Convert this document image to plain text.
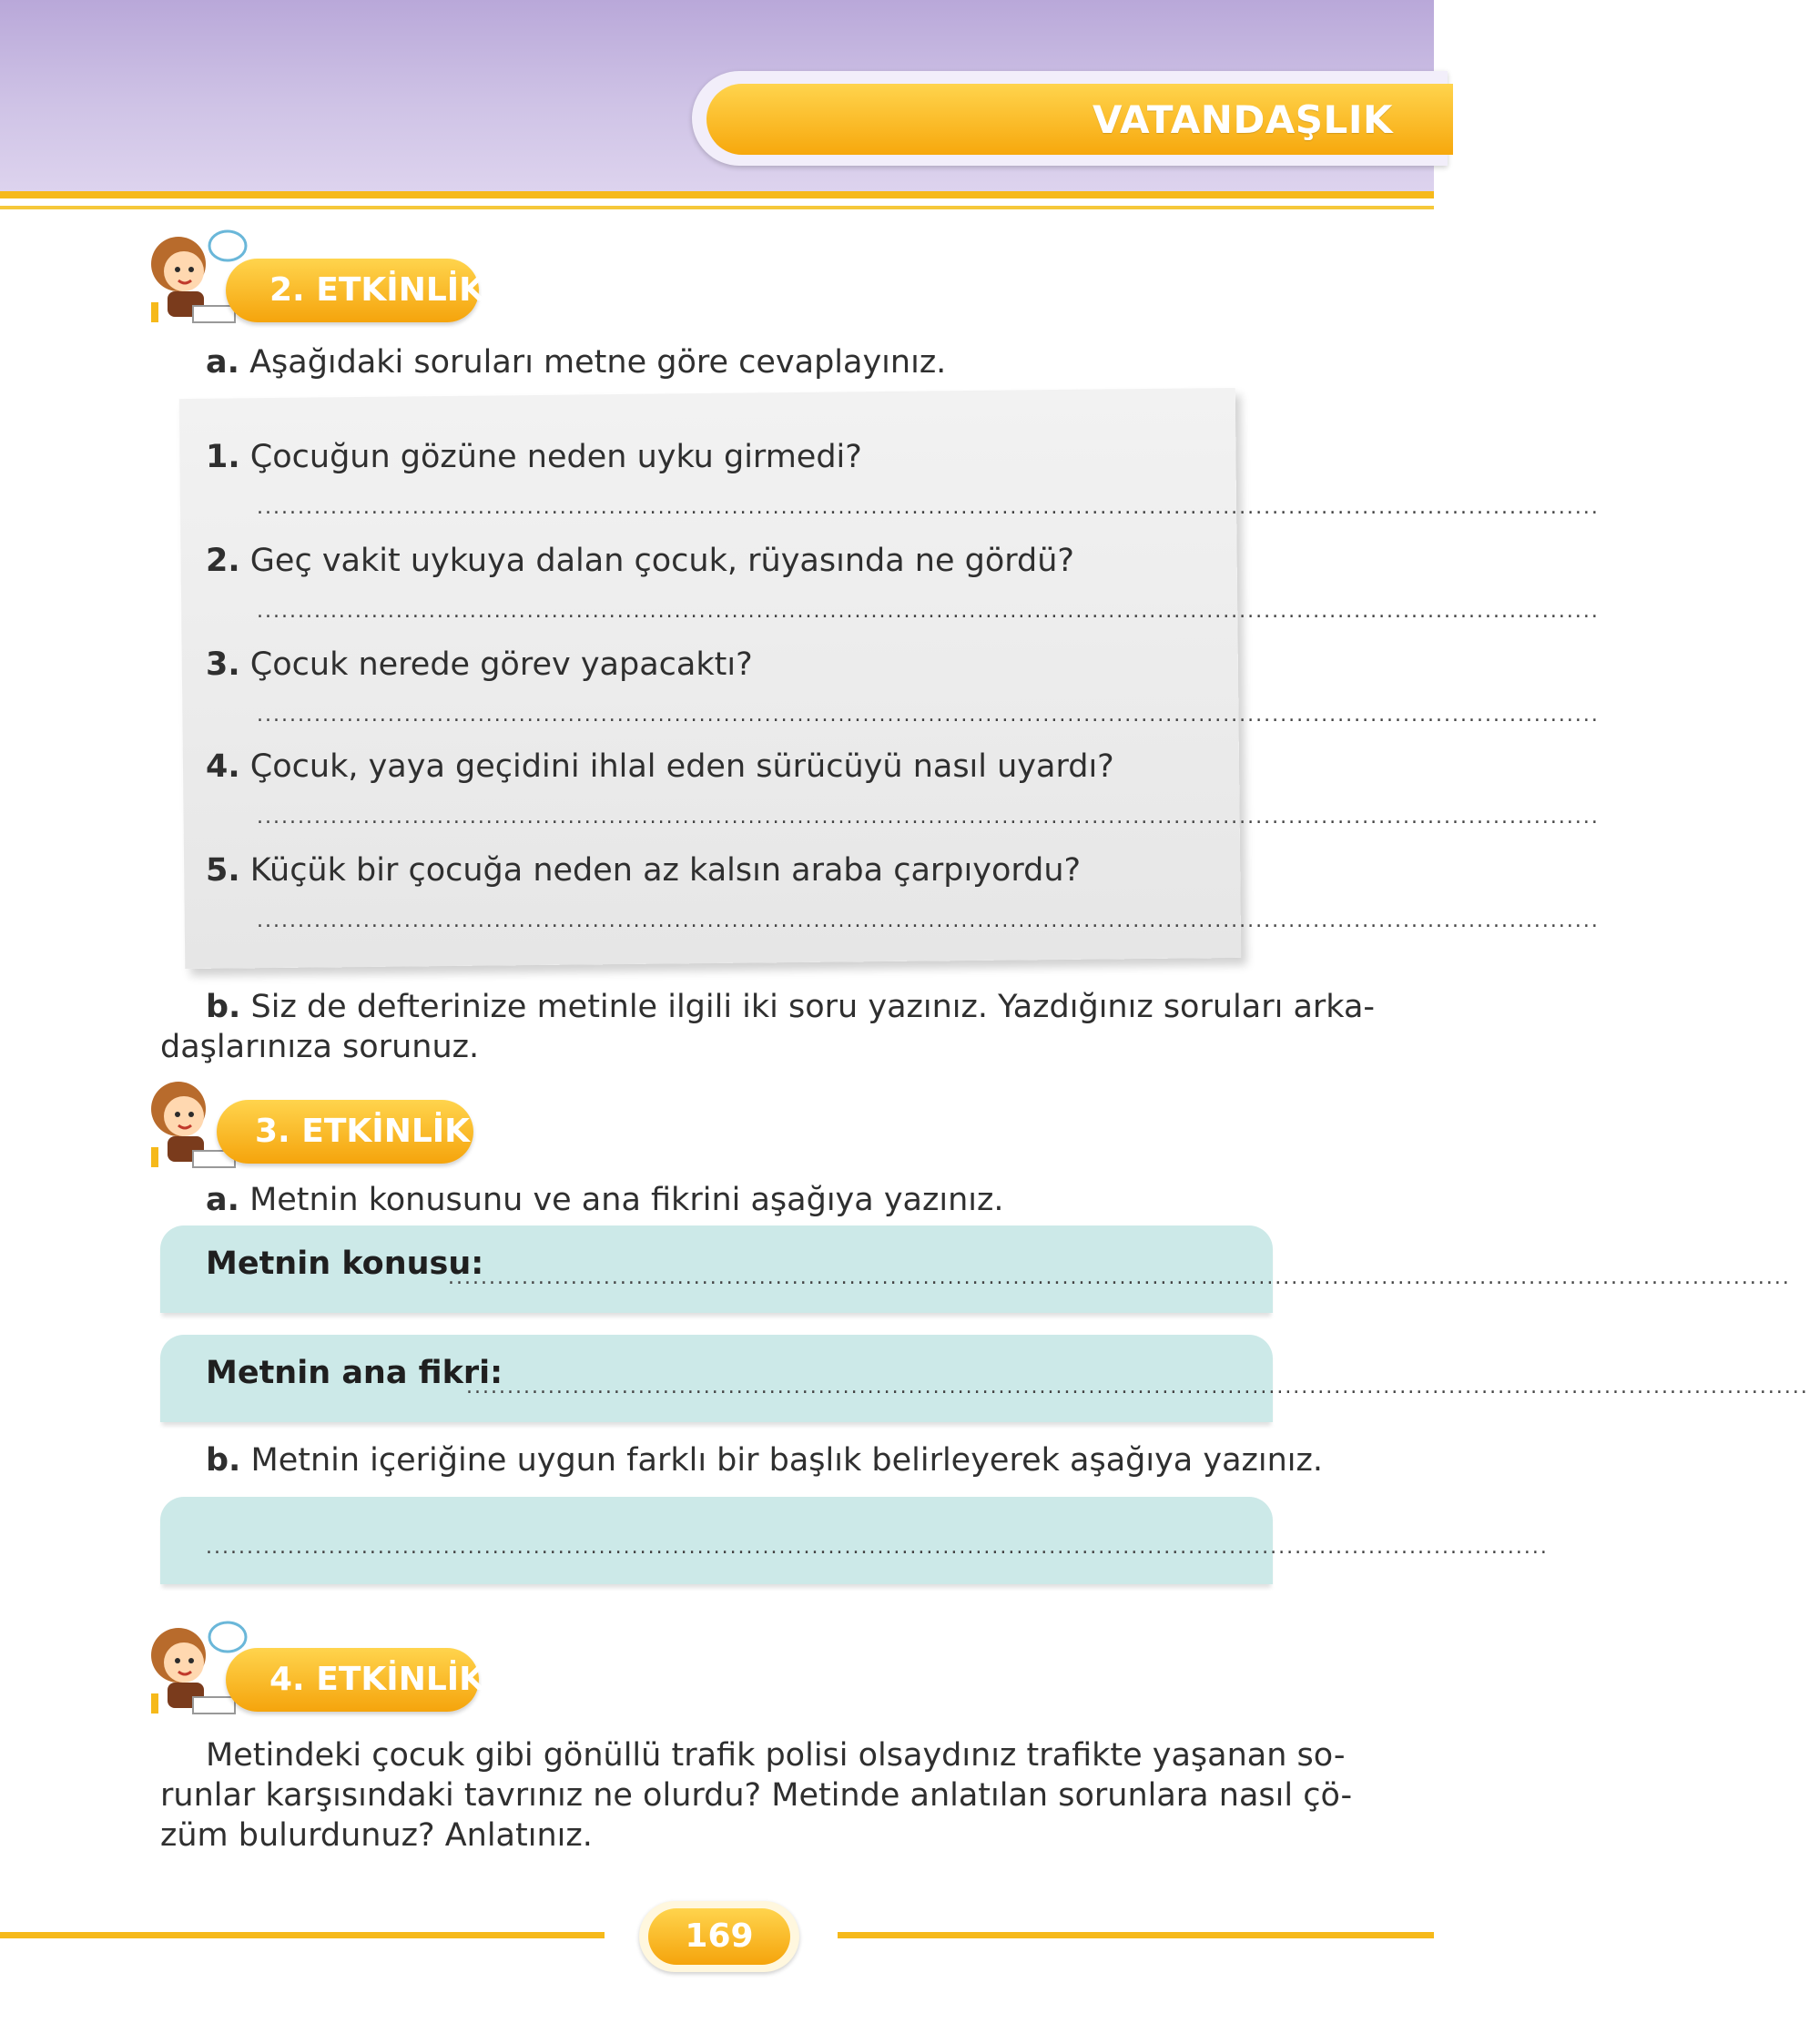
VATANDAŞLIK
2. ETKİNLİK
a. Aşağıdaki soruları metne göre cevaplayınız.
1. Çocuğun gözüne neden uyku girmedi?
....................................................................................................................................................................
2. Geç vakit uykuya dalan çocuk, rüyasında ne gördü?
....................................................................................................................................................................
3. Çocuk nerede görev yapacaktı?
....................................................................................................................................................................
4. Çocuk, yaya geçidini ihlal eden sürücüyü nasıl uyardı?
....................................................................................................................................................................
5. Küçük bir çocuğa neden az kalsın araba çarpıyordu?
....................................................................................................................................................................
b. Siz de defterinize metinle ilgili iki soru yazınız. Yazdığınız soruları arka-
daşlarınıza sorunuz.
3. ETKİNLİK
a. Metnin konusunu ve ana fikrini aşağıya yazınız.
Metnin konusu:
....................................................................................................................................................................
Metnin ana fikri:
....................................................................................................................................................................
b. Metnin içeriğine uygun farklı bir başlık belirleyerek aşağıya yazınız.
....................................................................................................................................................................
4. ETKİNLİK
Metindeki çocuk gibi gönüllü trafik polisi olsaydınız trafikte yaşanan so-
runlar karşısındaki tavrınız ne olurdu? Metinde anlatılan sorunlara nasıl çö-
züm bulurdunuz? Anlatınız.
169
